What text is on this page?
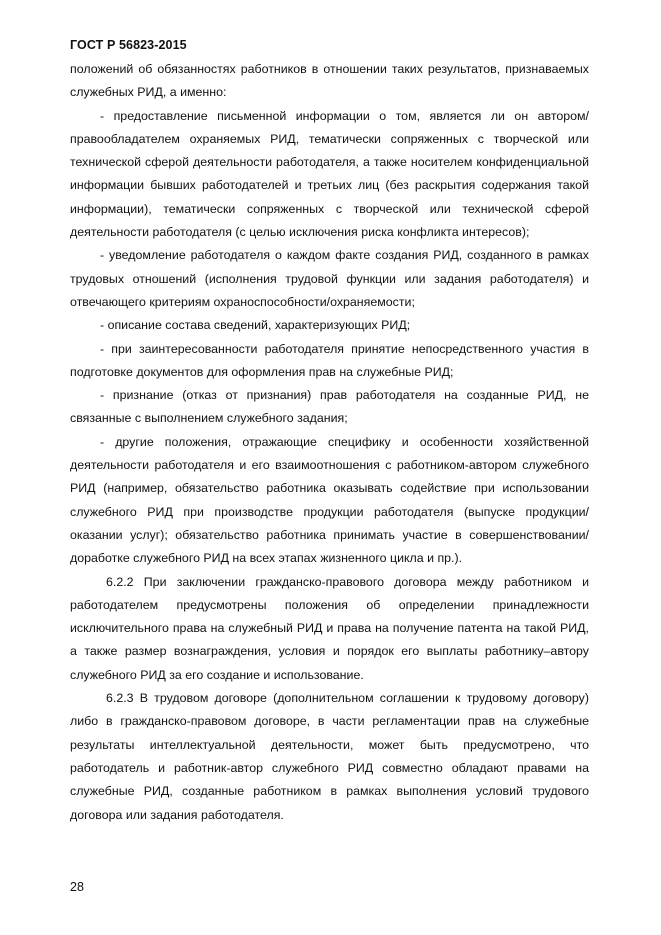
ГОСТ Р 56823-2015

положений об обязанностях работников в отношении таких результатов, признаваемых служебных РИД, а именно:

- предоставление письменной информации о том, является ли он автором/правообладателем охраняемых РИД, тематически сопряженных с творческой или технической сферой деятельности работодателя, а также носителем конфиденциальной информации бывших работодателей и третьих лиц (без раскрытия содержания такой информации), тематически сопряженных с творческой или технической сферой деятельности работодателя (с целью исключения риска конфликта интересов);

- уведомление работодателя о каждом факте создания РИД, созданного в рамках трудовых отношений (исполнения трудовой функции или задания работодателя) и отвечающего критериям охраноспособности/охраняемости;

- описание состава сведений, характеризующих РИД;

- при заинтересованности работодателя принятие непосредственного участия в подготовке документов для оформления прав на служебные РИД;

- признание (отказ от признания) прав работодателя на созданные РИД, не связанные с выполнением служебного задания;

- другие положения, отражающие специфику и особенности хозяйственной деятельности работодателя и его взаимоотношения с работником-автором служебного РИД (например, обязательство работника оказывать содействие при использовании служебного РИД при производстве продукции работодателя (выпуске продукции/оказании услуг); обязательство работника принимать участие в совершенствовании/доработке служебного РИД на всех этапах жизненного цикла и пр.).

6.2.2 При заключении гражданско-правового договора между работником и работодателем предусмотрены положения об определении принадлежности исключительного права на служебный РИД и права на получение патента на такой РИД, а также размер вознаграждения, условия и порядок его выплаты работнику–автору служебного РИД за его создание и использование.

6.2.3 В трудовом договоре (дополнительном соглашении к трудовому договору) либо в гражданско-правовом договоре, в части регламентации прав на служебные результаты интеллектуальной деятельности, может быть предусмотрено, что работодатель и работник-автор служебного РИД совместно обладают правами на служебные РИД, созданные работником в рамках выполнения условий трудового договора или задания работодателя.

28
